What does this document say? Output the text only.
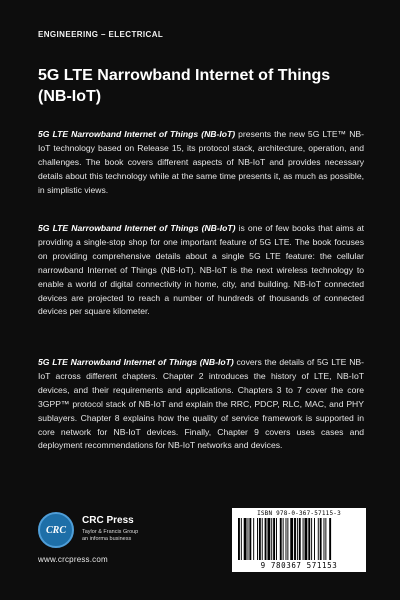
ENGINEERING – ELECTRICAL
5G LTE Narrowband Internet of Things
(NB-IoT)

5G LTE Narrowband Internet of Things (NB-IoT) presents the new 5G LTE™ NB-IoT technology based on Release 15, its protocol stack, architecture, operation, and challenges. The book covers different aspects of NB-IoT and provides necessary details about this technology while at the same time presents it, as much as possible, in simplistic views.

5G LTE Narrowband Internet of Things (NB-IoT) is one of few books that aims at providing a single-stop shop for one important feature of 5G LTE. The book focuses on providing comprehensive details about a single 5G LTE feature: the cellular narrowband Internet of Things (NB-IoT). NB-IoT is the next wireless technology to enable a world of digital connectivity in home, city, and building. NB-IoT connected devices are projected to reach a number of hundreds of thousands of connected devices per square kilometer.

5G LTE Narrowband Internet of Things (NB-IoT) covers the details of 5G LTE NB-IoT across different chapters. Chapter 2 introduces the history of LTE, NB-IoT devices, and their requirements and applications. Chapters 3 to 7 cover the core 3GPP™ protocol stack of NB-IoT and explain the RRC, PDCP, RLC, MAC, and PHY sublayers. Chapter 8 explains how the quality of service framework is supported in core network for NB-IoT devices. Finally, Chapter 9 covers uses cases and deployment recommendations for NB-IoT networks and devices.

CRC
CRC Press
Taylor & Francis Group
an informa business
www.crcpress.com
ISBN 978-0-367-57115-3
9 780367 571153
